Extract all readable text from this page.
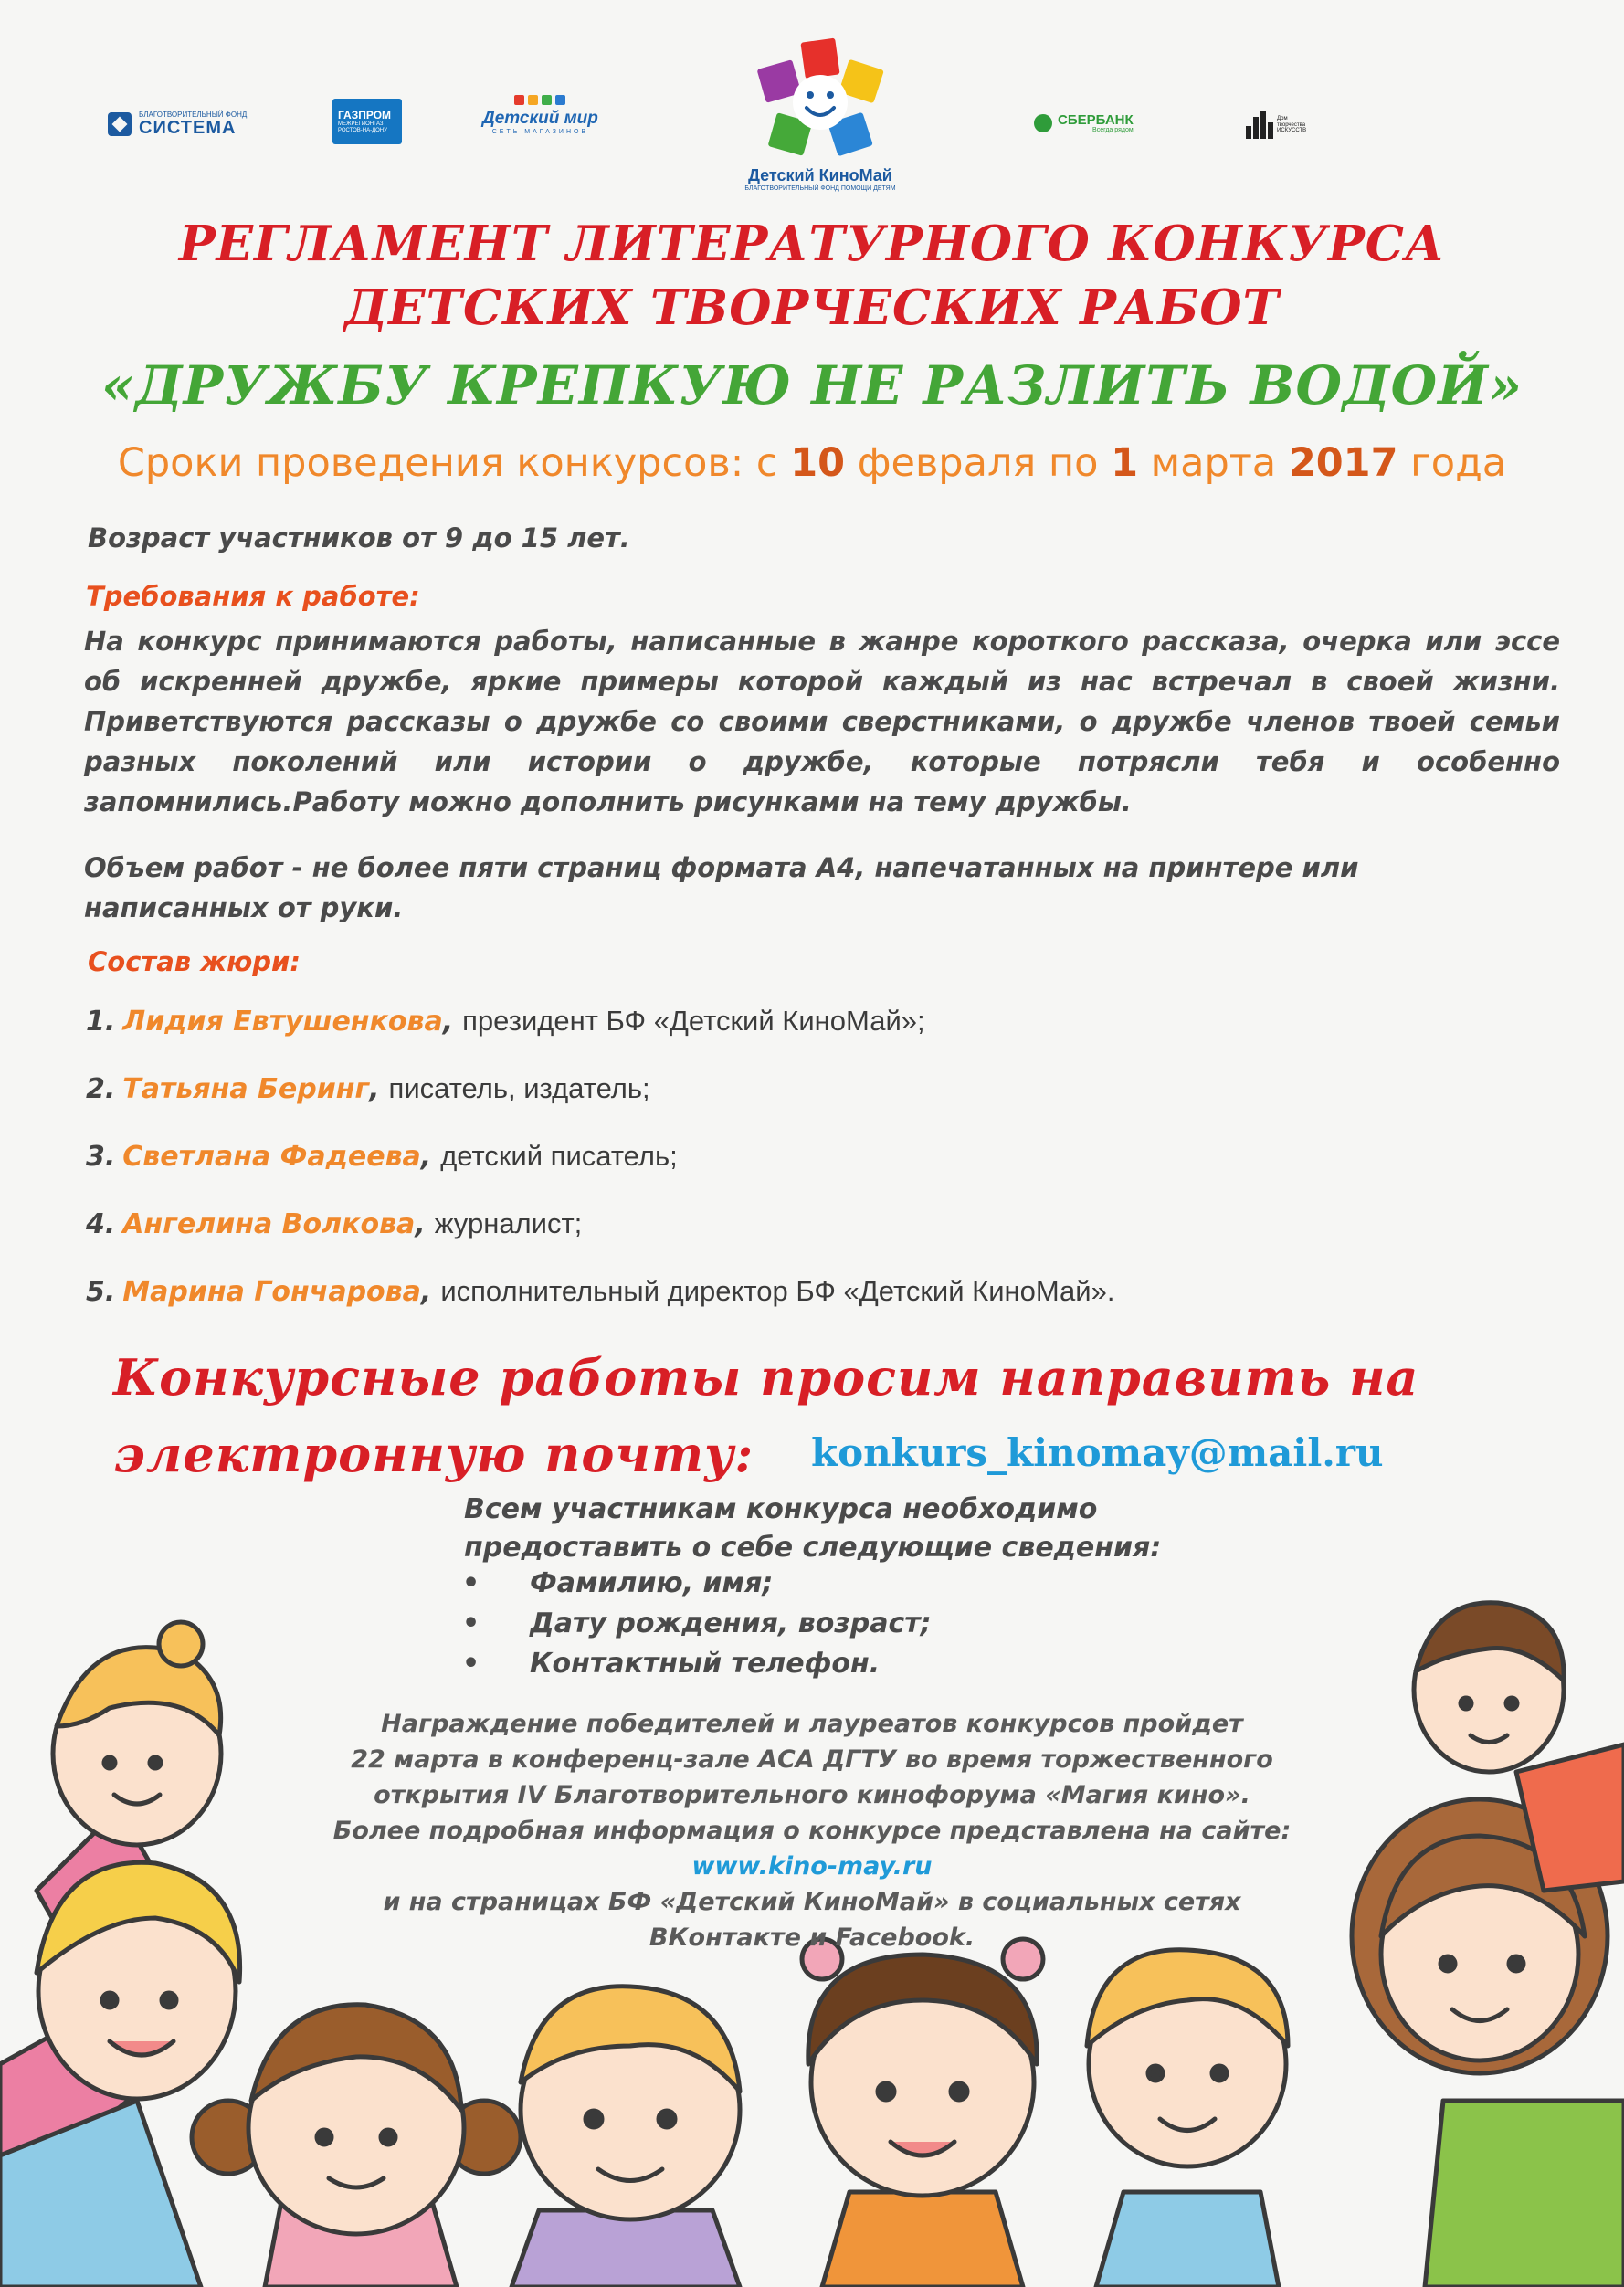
БЛАГОТВОРИТЕЛЬНЫЙ ФОНД
СИСТЕМА
ГАЗПРОМ
МЕЖРЕГИОНГАЗ РОСТОВ-НА-ДОНУ
Детский мир
СЕТЬ МАГАЗИНОВ
Детский КиноМай
БЛАГОТВОРИТЕЛЬНЫЙ ФОНД ПОМОЩИ ДЕТЯМ
СБЕРБАНК
Всегда рядом
Дом творчества ИСКУССТВ
РЕГЛАМЕНТ ЛИТЕРАТУРНОГО КОНКУРСА
ДЕТСКИХ ТВОРЧЕСКИХ РАБОТ
«ДРУЖБУ КРЕПКУЮ НЕ РАЗЛИТЬ ВОДОЙ»
Сроки проведения конкурсов: с 10 февраля по 1 марта 2017 года
Возраст участников от 9 до 15 лет.
Требования к работе:

На конкурс принимаются работы, написанные в жанре короткого рассказа, очерка или эссе об искренней дружбе, яркие примеры которой каждый из нас встречал в своей жизни. Приветствуются рассказы о дружбе со своими сверстниками, о дружбе членов твоей семьи разных поколений или истории о дружбе, которые потрясли тебя и особенно запомнились.Работу можно дополнить рисунками на тему дружбы.

Объем работ - не более пяти страниц формата А4, напечатанных на принтере или написанных от руки.

Состав жюри:
1. Лидия Евтушенкова , президент БФ «Детский КиноМай»;
2. Татьяна Беринг , писатель, издатель;
3. Светлана Фадеева , детский писатель;
4. Ангелина Волкова , журналист;
5. Марина Гончарова , исполнительный директор БФ «Детский КиноМай».
Конкурсные работы просим направить на
электронную почту: konkurs_kinomay@mail.ru
Всем участникам конкурса необходимо
предоставить о себе следующие сведения:
•	Фамилию, имя;
•	Дату рождения, возраст;
•	Контактный телефон.
Награждение победителей и лауреатов конкурсов пройдет
22 марта в конференц-зале АСА ДГТУ во время торжественного
открытия IV Благотворительного кинофорума «Магия кино».
Более подробная информация о конкурсе представлена на сайте:
www.kino-may.ru
и на страницах БФ «Детский КиноМай» в социальных сетях
ВКонтакте и Facebook.
